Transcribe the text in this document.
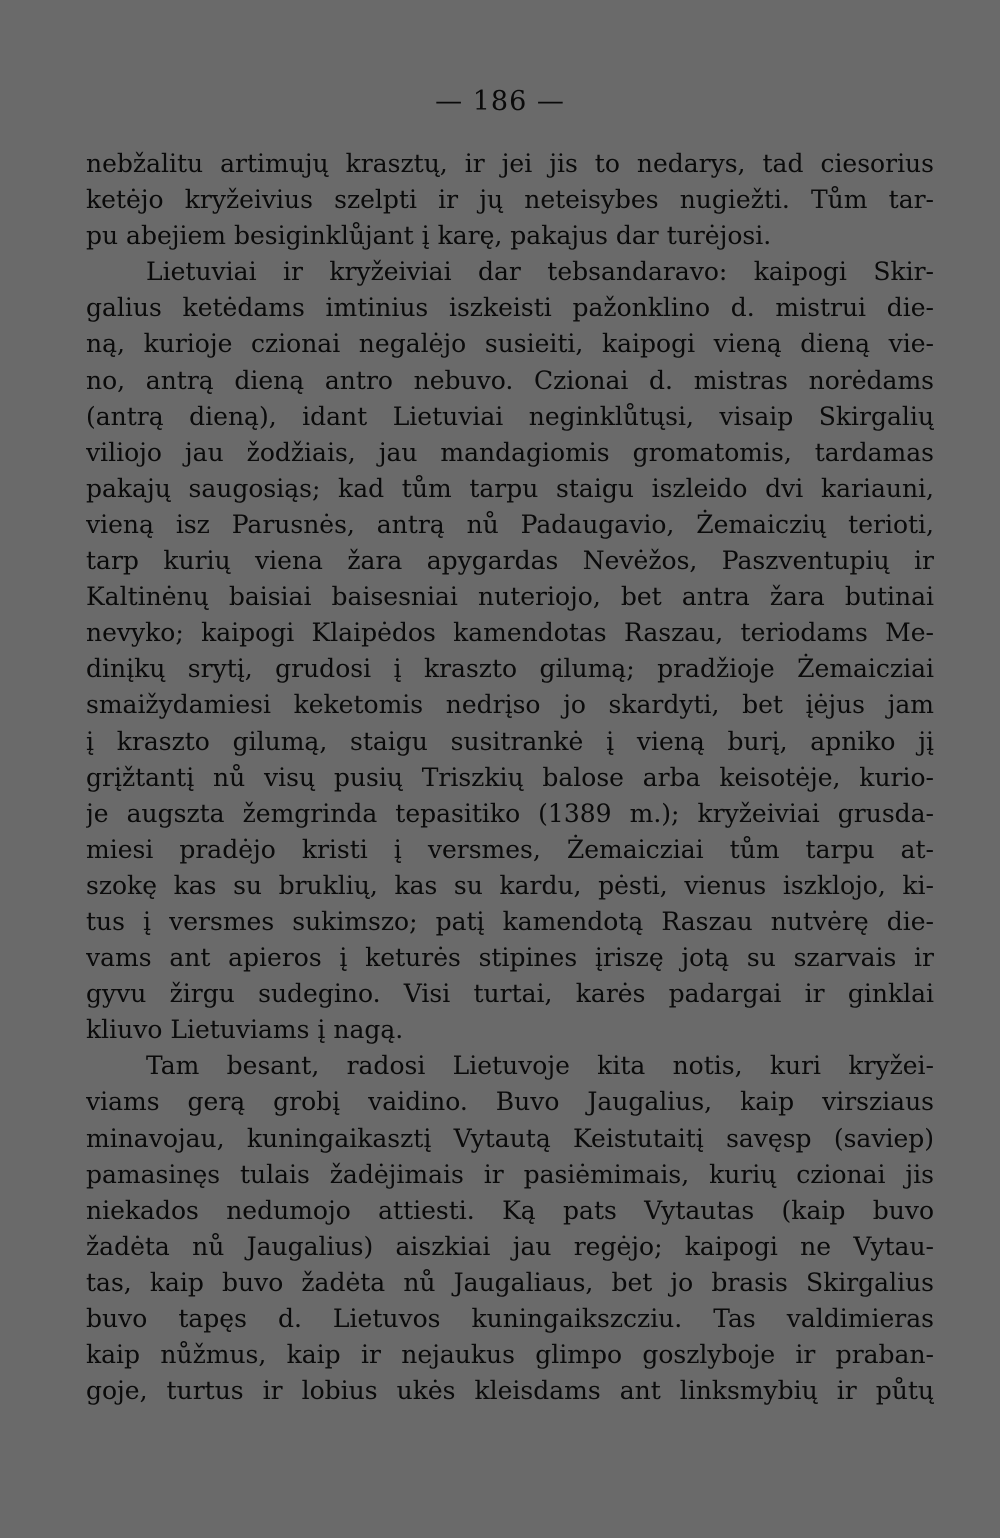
— 186 —
nebžalitu artimujų krasztų, ir jei jis to nedarys, tad ciesorius
ketėjo kryžeivius szelpti ir jų neteisybes nugiežti. Tům tar-
pu abejiem besiginklůjant į karę, pakajus dar turėjosi.
Lietuviai ir kryžeiviai dar tebsandaravo: kaipogi Skir-
galius ketėdams imtinius iszkeisti pažonklino d. mistrui die-
ną, kurioje czionai negalėjo susieiti, kaipogi vieną dieną vie-
no, antrą dieną antro nebuvo. Czionai d. mistras norėdams
(antrą dieną), idant Lietuviai neginklůtųsi, visaip Skirgalių
viliojo jau žodžiais, jau mandagiomis gromatomis, tardamas
pakajų saugosiąs; kad tům tarpu staigu iszleido dvi kariauni,
vieną isz Parusnės, antrą nů Padaugavio, Żemaiczių terioti,
tarp kurių viena žara apygardas Nevėžos, Paszventupių ir
Kaltinėnų baisiai baisesniai nuteriojo, bet antra žara butinai
nevyko; kaipogi Klaipėdos kamendotas Raszau, teriodams Me-
dinįkų srytį, grudosi į kraszto gilumą; pradžioje Żemaicziai
smaižydamiesi keketomis nedrįso jo skardyti, bet įėjus jam
į kraszto gilumą, staigu susitrankė į vieną burį, apniko jį
grįžtantį nů visų pusių Triszkių balose arba keisotėje, kurio-
je augszta žemgrinda tepasitiko (1389 m.); kryžeiviai grusda-
miesi pradėjo kristi į versmes, Żemaicziai tům tarpu at-
szokę kas su bruklių, kas su kardu, pėsti, vienus iszklojo, ki-
tus į versmes sukimszo; patį kamendotą Raszau nutvėrę die-
vams ant apieros į keturės stipines įriszę jotą su szarvais ir
gyvu žirgu sudegino. Visi turtai, karės padargai ir ginklai
kliuvo Lietuviams į nagą.
Tam besant, radosi Lietuvoje kita notis, kuri kryžei-
viams gerą grobį vaidino. Buvo Jaugalius, kaip virsziaus
minavojau, kuningaikasztį Vytautą Keistutaitį savęsp (saviep)
pamasinęs tulais žadėjimais ir pasiėmimais, kurių czionai jis
niekados nedumojo attiesti. Ką pats Vytautas (kaip buvo
žadėta nů Jaugalius) aiszkiai jau regėjo; kaipogi ne Vytau-
tas, kaip buvo žadėta nů Jaugaliaus, bet jo brasis Skirgalius
buvo tapęs d. Lietuvos kuningaikszcziu. Tas valdimieras
kaip nůžmus, kaip ir nejaukus glimpo goszlyboje ir praban-
goje, turtus ir lobius ukės kleisdams ant linksmybių ir půtų
